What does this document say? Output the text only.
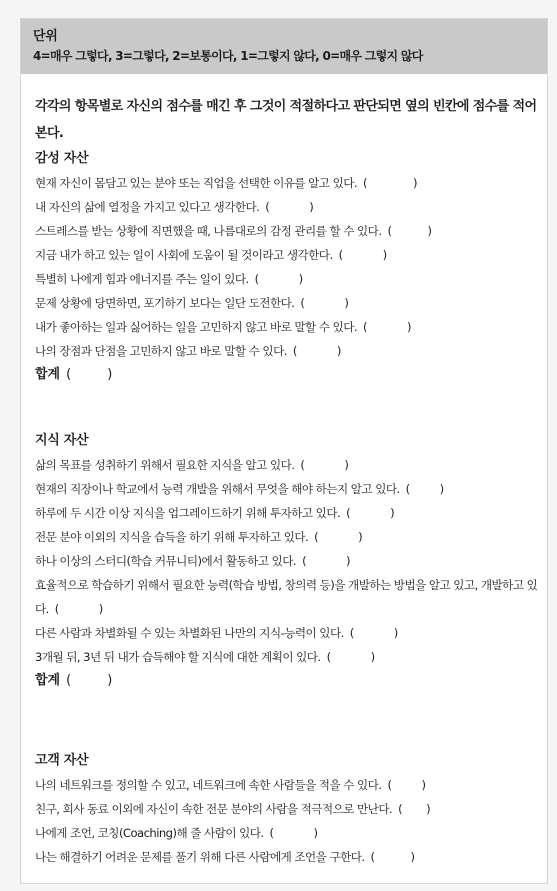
단위
4=매우 그렇다, 3=그렇다, 2=보통이다, 1=그렇지 않다, 0=매우 그렇지 않다
각각의 항목별로 자신의 점수를 매긴 후 그것이 적절하다고 판단되면 옆의 빈칸에 점수를 적어본다.
감성 자산
현재 자신이 몸담고 있는 분야 또는 직업을 선택한 이유를 알고 있다. (	)
내 자신의 삶에 열정을 가지고 있다고 생각한다. (	)
스트레스를 받는 상황에 직면했을 때, 나름대로의 감정 관리를 할 수 있다. (	)
지금 내가 하고 있는 일이 사회에 도움이 될 것이라고 생각한다. (	)
특별히 나에게 힘과 에너지를 주는 일이 있다. (	)
문제 상황에 당면하면, 포기하기 보다는 일단 도전한다. (	)
내가 좋아하는 일과 싫어하는 일을 고민하지 않고 바로 말할 수 있다. (	)
나의 장점과 단점을 고민하지 않고 바로 말할 수 있다. (	)
합계 (	)
지식 자산
삶의 목표를 성취하기 위해서 필요한 지식을 알고 있다. (	)
현재의 직장이나 학교에서 능력 개발을 위해서 무엇을 해야 하는지 알고 있다. (	)
하루에 두 시간 이상 지식을 업그레이드하기 위해 투자하고 있다. (	)
전문 분야 이외의 지식을 습득을 하기 위해 투자하고 있다. (	)
하나 이상의 스터디(학습 커뮤니티)에서 활동하고 있다. (	)
효율적으로 학습하기 위해서 필요한 능력(학습 방법, 창의력 등)을 개발하는 방법을 알고 있고, 개발하고 있다. (	)
다른 사람과 차별화될 수 있는 차별화된 나만의 지식-능력이 있다. (	)
3개월 뒤, 3년 뒤 내가 습득해야 할 지식에 대한 계획이 있다. (	)
합계 (	)
고객 자산
나의 네트워크를 정의할 수 있고, 네트워크에 속한 사람들을 적을 수 있다. (	)
친구, 회사 동료 이외에 자신이 속한 전문 분야의 사람을 적극적으로 만난다. ( )
나에게 조언, 코칭(Coaching)해 줄 사람이 있다. (	)
나는 해결하기 어려운 문제를 풀기 위해 다른 사람에게 조언을 구한다. (	)
